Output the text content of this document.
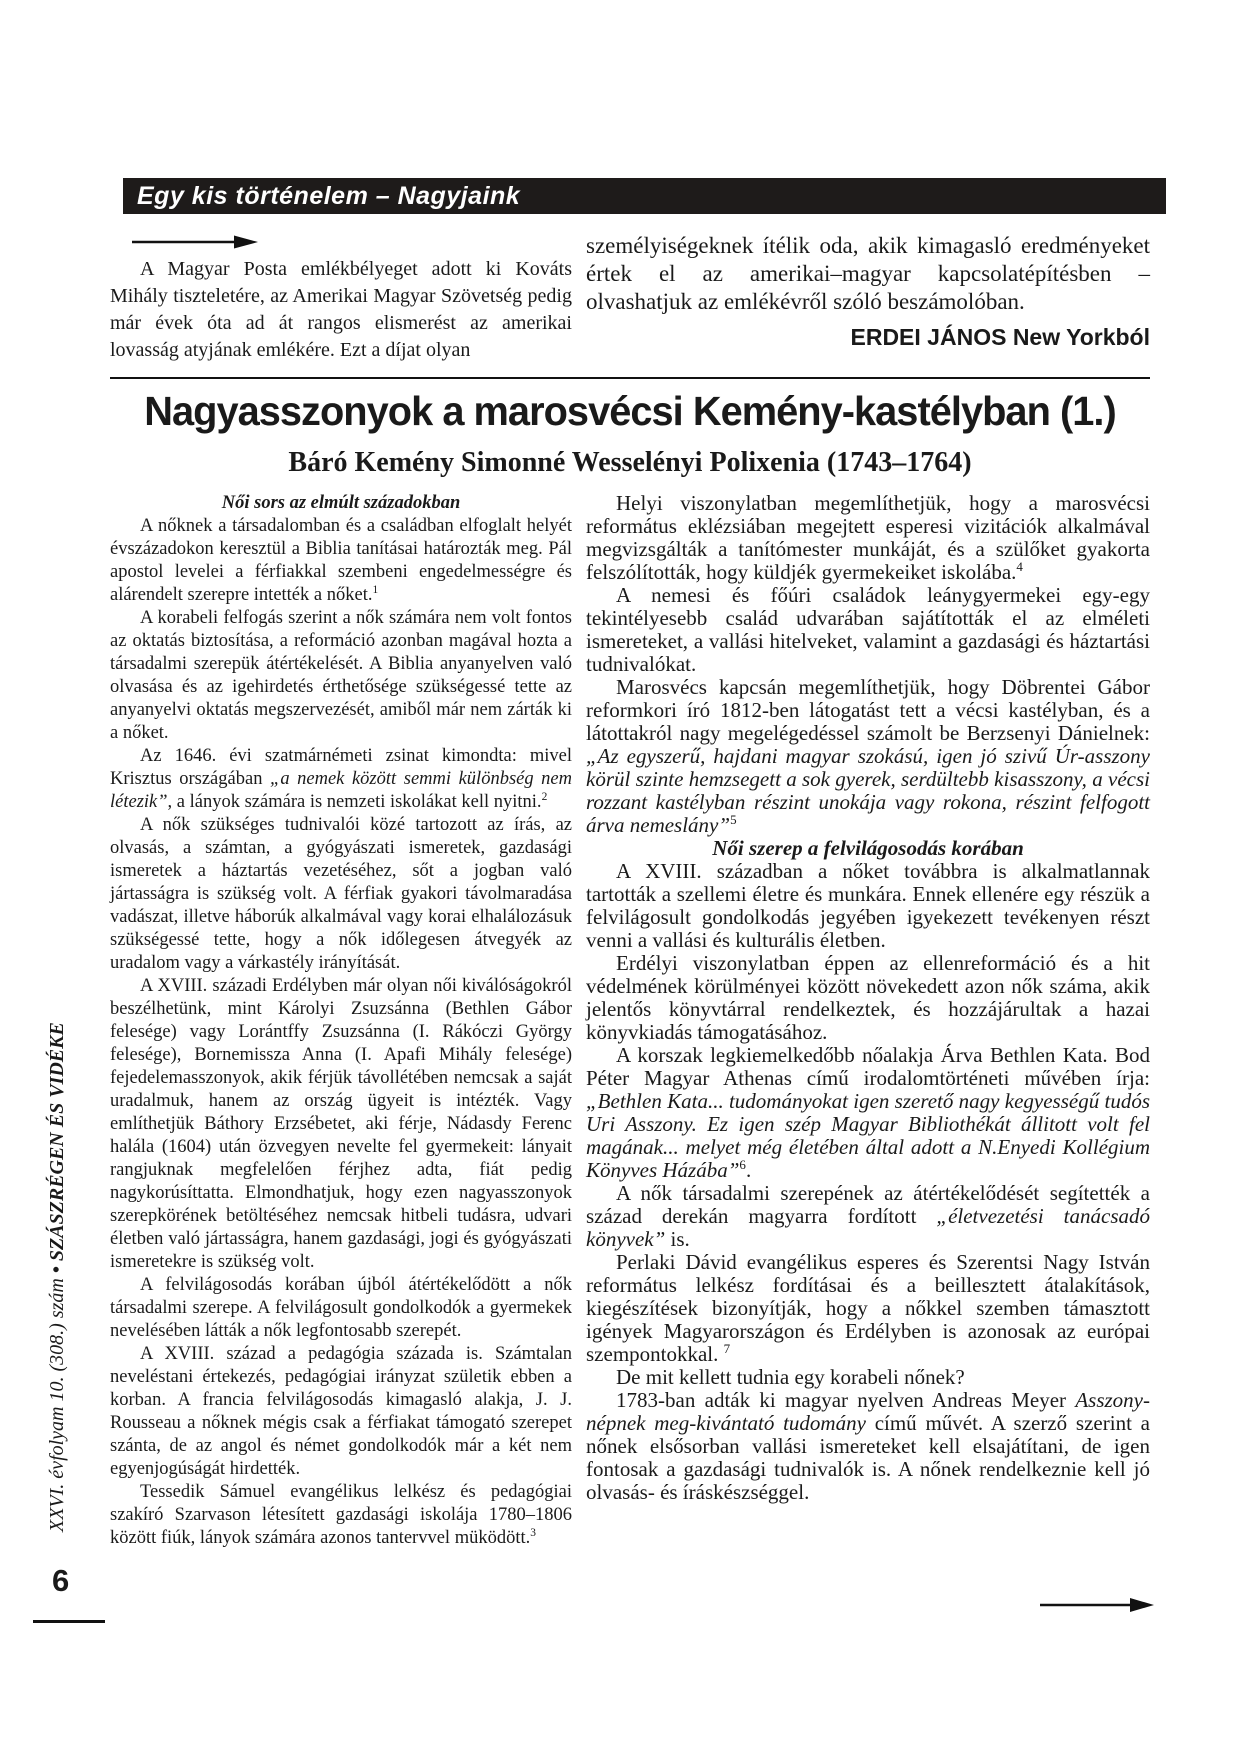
Egy kis történelem – Nagyjaink

A Magyar Posta emlékbélyeget adott ki Kováts Mihály tiszteletére, az Amerikai Magyar Szövetség pedig már évek óta ad át rangos elismerést az amerikai lovasság atyjának emlékére. Ezt a díjat olyan

személyiségeknek ítélik oda, akik kimagasló eredményeket értek el az amerikai–magyar kapcsolatépítésben – olvashatjuk az emlékévről szóló beszámolóban.

ERDEI JÁNOS New Yorkból
Nagyasszonyok a marosvécsi Kemény-kastélyban (1.)
Báró Kemény Simonné Wesselényi Polixenia (1743–1764)
Női sors az elmúlt századokban

A nőknek a társadalomban és a családban elfoglalt helyét évszázadokon keresztül a Biblia tanításai határozták meg. Pál apostol levelei a férfiakkal szembeni engedelmességre és alárendelt szerepre intették a nőket.$^1$

A korabeli felfogás szerint a nők számára nem volt fontos az oktatás biztosítása, a reformáció azonban magával hozta a társadalmi szerepük átértékelését. A Biblia anyanyelven való olvasása és az igehirdetés érthetősége szükségessé tette az anyanyelvi oktatás megszervezését, amiből már nem zárták ki a nőket.

Az 1646. évi szatmárnémeti zsinat kimondta: mivel Krisztus országában „a nemek között semmi különbség nem létezik”, a lányok számára is nemzeti iskolákat kell nyitni.$^2$

A nők szükséges tudnivalói közé tartozott az írás, az olvasás, a számtan, a gyógyászati ismeretek, gazdasági ismeretek a háztartás vezetéséhez, sőt a jogban való jártasságra is szükség volt. A férfiak gyakori távolmaradása vadászat, illetve háborúk alkalmával vagy korai elhalálozásuk szükségessé tette, hogy a nők időlegesen átvegyék az uradalom vagy a várkastély irányítását.

A XVIII. századi Erdélyben már olyan női kiválóságokról beszélhetünk, mint Károlyi Zsuzsánna (Bethlen Gábor felesége) vagy Lorántffy Zsuzsánna (I. Rákóczi György felesége), Bornemissza Anna (I. Apafi Mihály felesége) fejedelemasszonyok, akik férjük távollétében nemcsak a saját uradalmuk, hanem az ország ügyeit is intézték. Vagy említhetjük Báthory Erzsébetet, aki férje, Nádasdy Ferenc halála (1604) után özvegyen nevelte fel gyermekeit: lányait rangjuknak megfelelően férjhez adta, fiát pedig nagykorúsíttatta. Elmondhatjuk, hogy ezen nagyasszonyok szerepkörének betöltéséhez nemcsak hitbeli tudásra, udvari életben való jártasságra, hanem gazdasági, jogi és gyógyászati ismeretekre is szükség volt.

A felvilágosodás korában újból átértékelődött a nők társadalmi szerepe. A felvilágosult gondolkodók a gyermekek nevelésében látták a nők legfontosabb szerepét.

A XVIII. század a pedagógia százada is. Számtalan neveléstani értekezés, pedagógiai irányzat születik ebben a korban. A francia felvilágosodás kimagasló alakja, J. J. Rousseau a nőknek mégis csak a férfiakat támogató szerepet szánta, de az angol és német gondolkodók már a két nem egyenjogúságát hirdették.

Tessedik Sámuel evangélikus lelkész és pedagógiai szakíró Szarvason létesített gazdasági iskolája 1780–1806 között fiúk, lányok számára azonos tantervvel müködött.$^3$

Helyi viszonylatban megemlíthetjük, hogy a marosvécsi református eklézsiában megejtett esperesi vizitációk alkalmával megvizsgálták a tanítómester munkáját, és a szülőket gyakorta felszólították, hogy küldjék gyermekeiket iskolába.$^4$

A nemesi és főúri családok leánygyermekei egy-egy tekintélyesebb család udvarában sajátították el az elméleti ismereteket, a vallási hitelveket, valamint a gazdasági és háztartási tudnivalókat.

Marosvécs kapcsán megemlíthetjük, hogy Döbrentei Gábor reformkori író 1812-ben látogatást tett a vécsi kastélyban, és a látottakról nagy megelégedéssel számolt be Berzsenyi Dánielnek: „Az egyszerű, hajdani magyar szokású, igen jó szivű Úr-asszony körül szinte hemzsegett a sok gyerek, serdültebb kisasszony, a vécsi rozzant kastélyban részint unokája vagy rokona, részint felfogott árva nemeslány”$^5$

Női szerep a felvilágosodás korában

A XVIII. században a nőket továbbra is alkalmatlannak tartották a szellemi életre és munkára. Ennek ellenére egy részük a felvilágosult gondolkodás jegyében igyekezett tevékenyen részt venni a vallási és kulturális életben.

Erdélyi viszonylatban éppen az ellenreformáció és a hit védelmének körülményei között növekedett azon nők száma, akik jelentős könyvtárral rendelkeztek, és hozzájárultak a hazai könyvkiadás támogatásához.

A korszak legkiemelkedőbb nőalakja Árva Bethlen Kata. Bod Péter Magyar Athenas című irodalomtörténeti művében írja: „Bethlen Kata... tudományokat igen szerető nagy kegyességű tudós Uri Asszony. Ez igen szép Magyar Bibliothékát állitott volt fel magának... melyet még életében által adott a N.Enyedi Kollégium Könyves Házába”$^6$.

A nők társadalmi szerepének az átértékelődését segítették a század derekán magyarra fordított „életvezetési tanácsadó könyvek” is.

Perlaki Dávid evangélikus esperes és Szerentsi Nagy István református lelkész fordításai és a beillesztett átalakítások, kiegészítések bizonyítják, hogy a nőkkel szemben támasztott igények Magyarországon és Erdélyben is azonosak az európai szempontokkal. $^7$

De mit kellett tudnia egy korabeli nőnek?

1783-ban adták ki magyar nyelven Andreas Meyer Asszony-népnek meg-kivántató tudomány című művét. A szerző szerint a nőnek elsősorban vallási ismereteket kell elsajátítani, de igen fontosak a gazdasági tudnivalók is. A nőnek rendelkeznie kell jó olvasás- és íráskészséggel.

XXVI. évfolyam 10. (308.) szám • SZÁSZRÉGEN ÉS VIDÉKE
6
